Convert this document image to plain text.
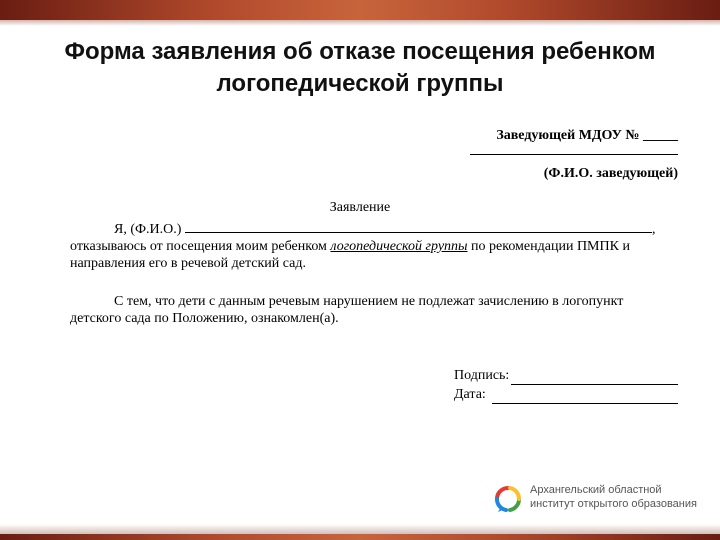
Форма заявления об отказе посещения ребенком логопедической группы
Заведующей МДОУ № _____
(Ф.И.О. заведующей)
Заявление
Я, (Ф.И.О.)	, отказываюсь от посещения моим ребенком логопедической группы по рекомендации ПМПК и направления его в речевой детский сад.
С тем, что дети с данным речевым нарушением не подлежат зачислению в логопункт детского сада по Положению, ознакомлен(а).
Подпись:
Дата:
Архангельский областной
институт открытого образования
